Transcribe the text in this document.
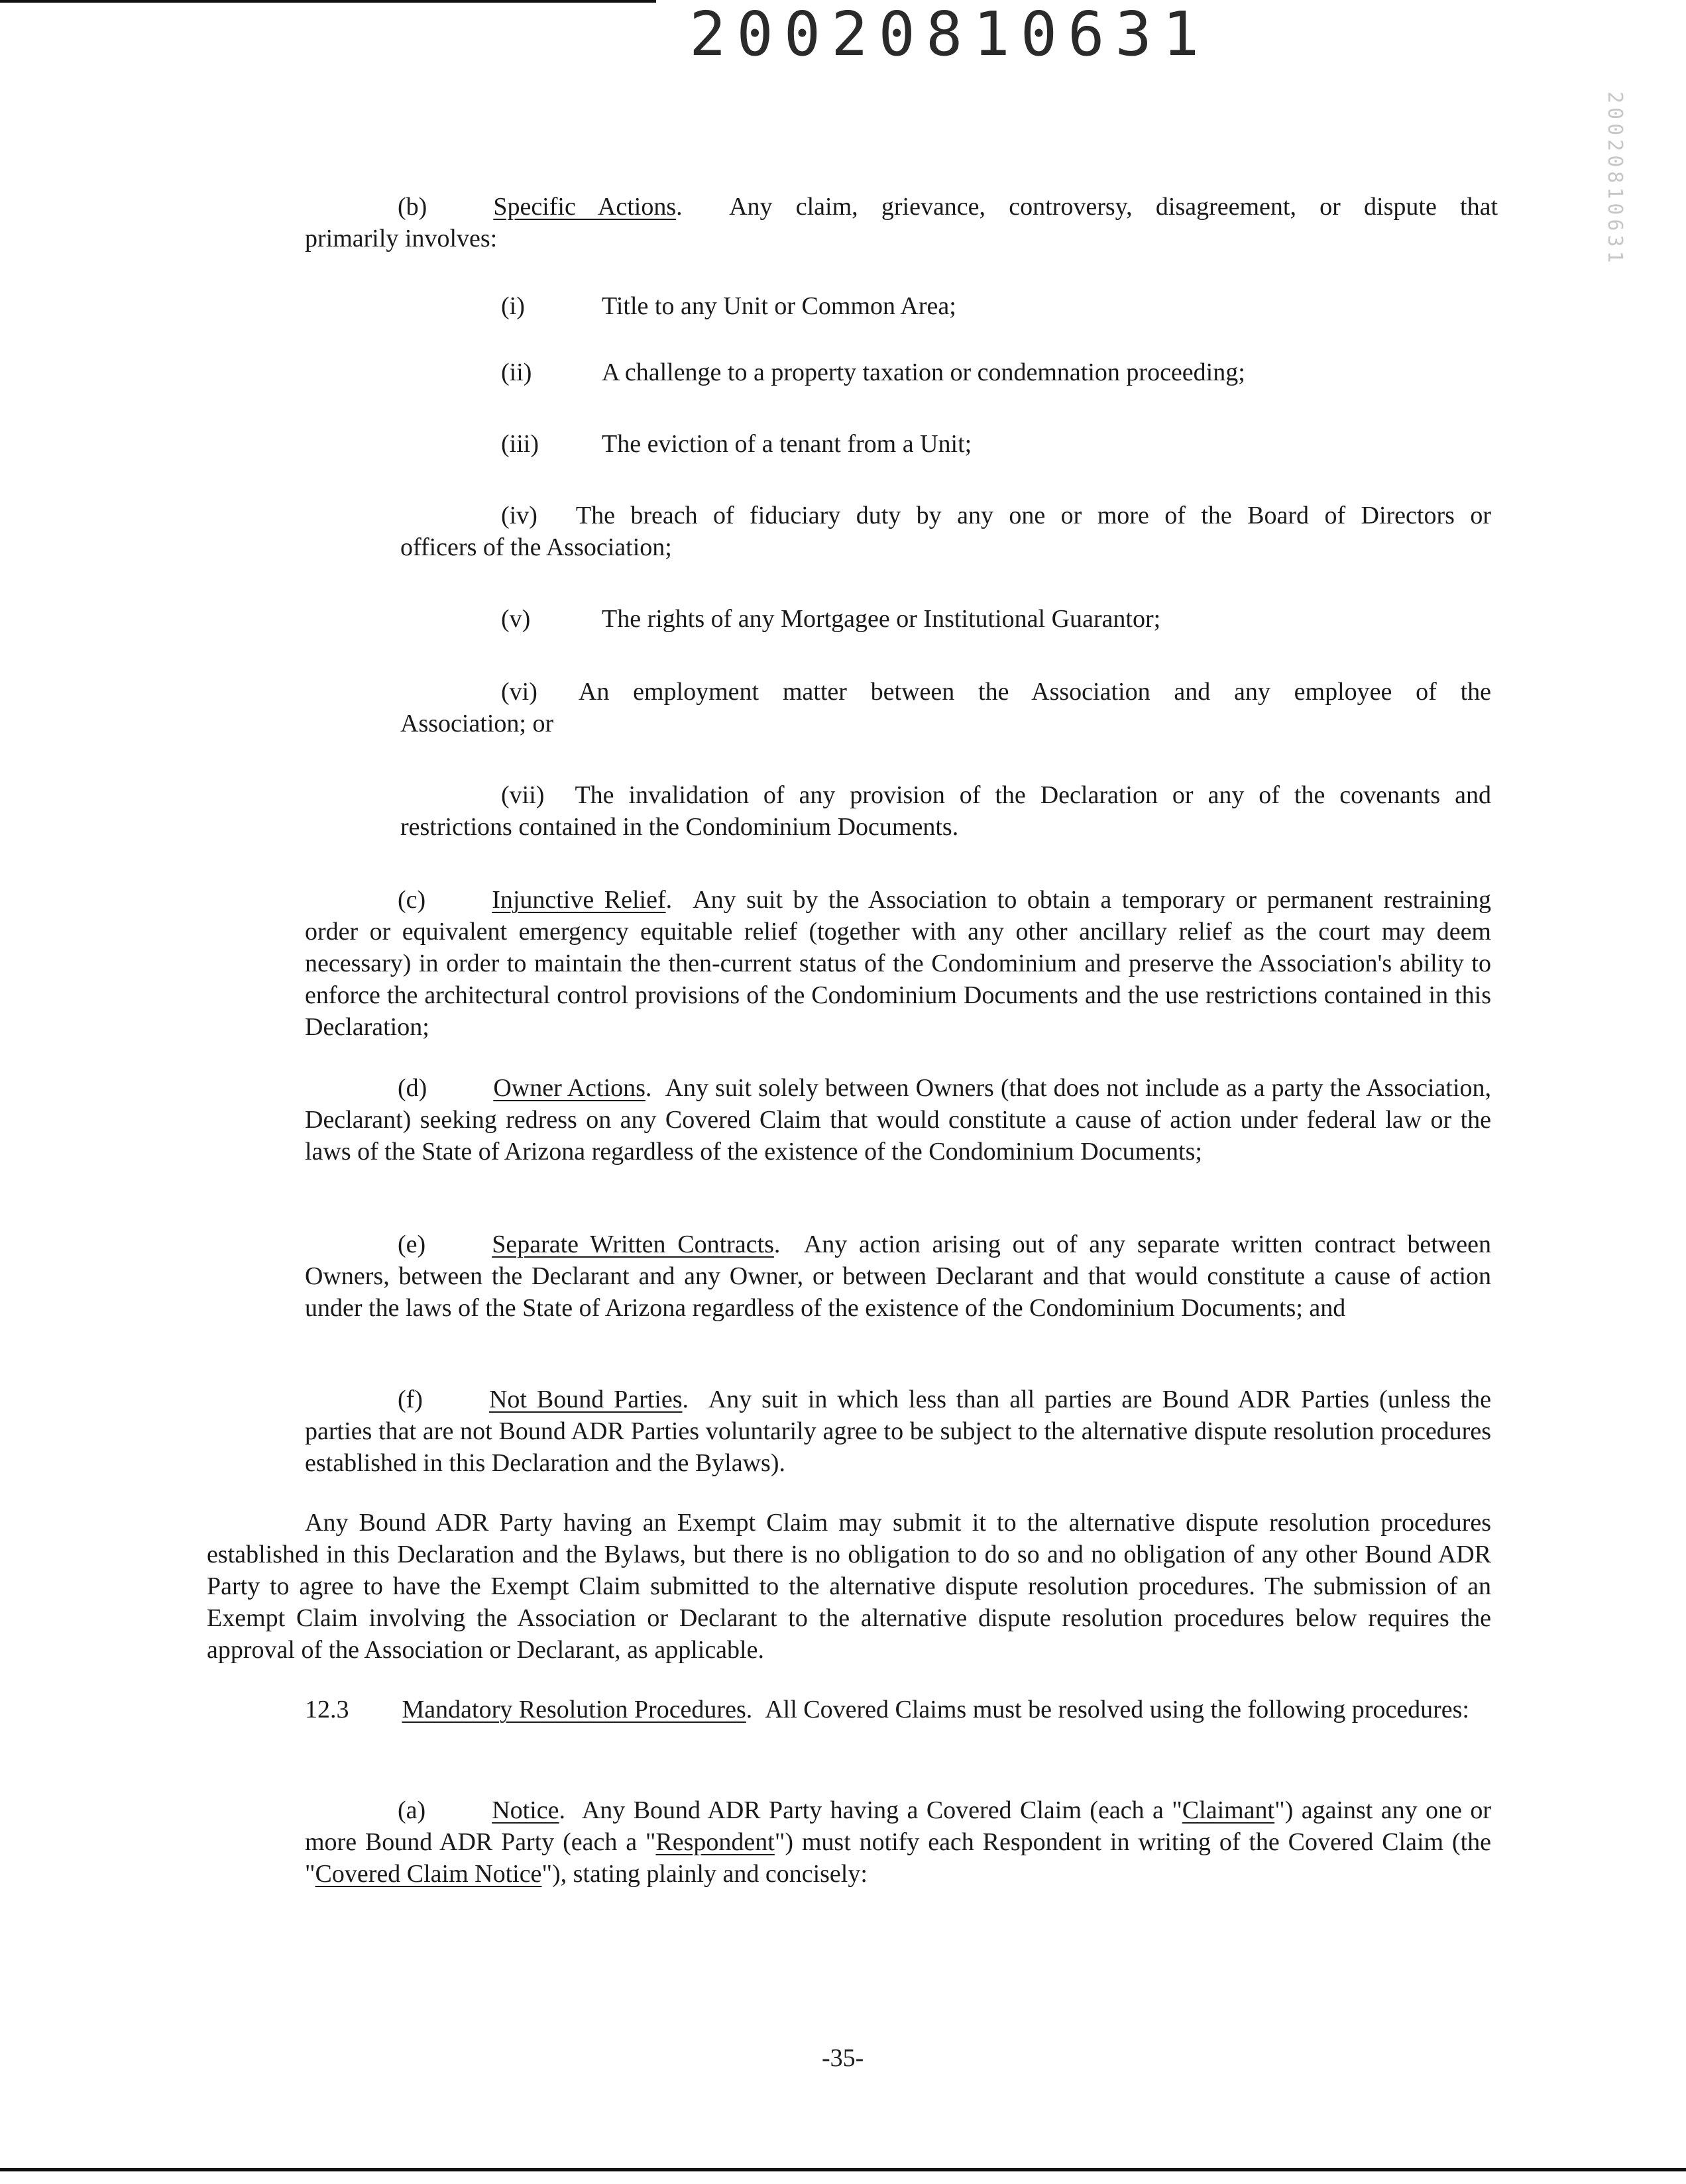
20020810631
20020810631
(b)	Specific Actions.  Any claim, grievance, controversy, disagreement, or dispute that
primarily involves:
(i)	Title to any Unit or Common Area;
(ii)	A challenge to a property taxation or condemnation proceeding;
(iii)	The eviction of a tenant from a Unit;
(iv) The breach of fiduciary duty by any one or more of the Board of Directors or
officers of the Association;
(v)	The rights of any Mortgagee or Institutional Guarantor;
(vi) An employment matter between the Association and any employee of the
Association; or
(vii) The invalidation of any provision of the Declaration or any of the covenants and
restrictions contained in the Condominium Documents.
(c)	Injunctive Relief.  Any suit by the Association to obtain a temporary or permanent restraining order or equivalent emergency equitable relief (together with any other ancillary relief as the court may deem necessary) in order to maintain the then-current status of the Condominium and preserve the Association's ability to enforce the architectural control provisions of the Condominium Documents and the use restrictions contained in this Declaration;
(d)	Owner Actions.  Any suit solely between Owners (that does not include as a party the Association, Declarant) seeking redress on any Covered Claim that would constitute a cause of action under federal law or the laws of the State of Arizona regardless of the existence of the Condominium Documents;
(e)	Separate Written Contracts.  Any action arising out of any separate written contract between Owners, between the Declarant and any Owner, or between Declarant and that would constitute a cause of action under the laws of the State of Arizona regardless of the existence of the Condominium Documents; and
(f)	Not Bound Parties.  Any suit in which less than all parties are Bound ADR Parties (unless the parties that are not Bound ADR Parties voluntarily agree to be subject to the alternative dispute resolution procedures established in this Declaration and the Bylaws).
Any Bound ADR Party having an Exempt Claim may submit it to the alternative dispute resolution procedures established in this Declaration and the Bylaws, but there is no obligation to do so and no obligation of any other Bound ADR Party to agree to have the Exempt Claim submitted to the alternative dispute resolution procedures. The submission of an Exempt Claim involving the Association or Declarant to the alternative dispute resolution procedures below requires the approval of the Association or Declarant, as applicable.
12.3 Mandatory Resolution Procedures.  All Covered Claims must be resolved using the following procedures:
(a)	Notice.  Any Bound ADR Party having a Covered Claim (each a "Claimant") against any one or more Bound ADR Party (each a "Respondent") must notify each Respondent in writing of the Covered Claim (the "Covered Claim Notice"), stating plainly and concisely:
-35-
